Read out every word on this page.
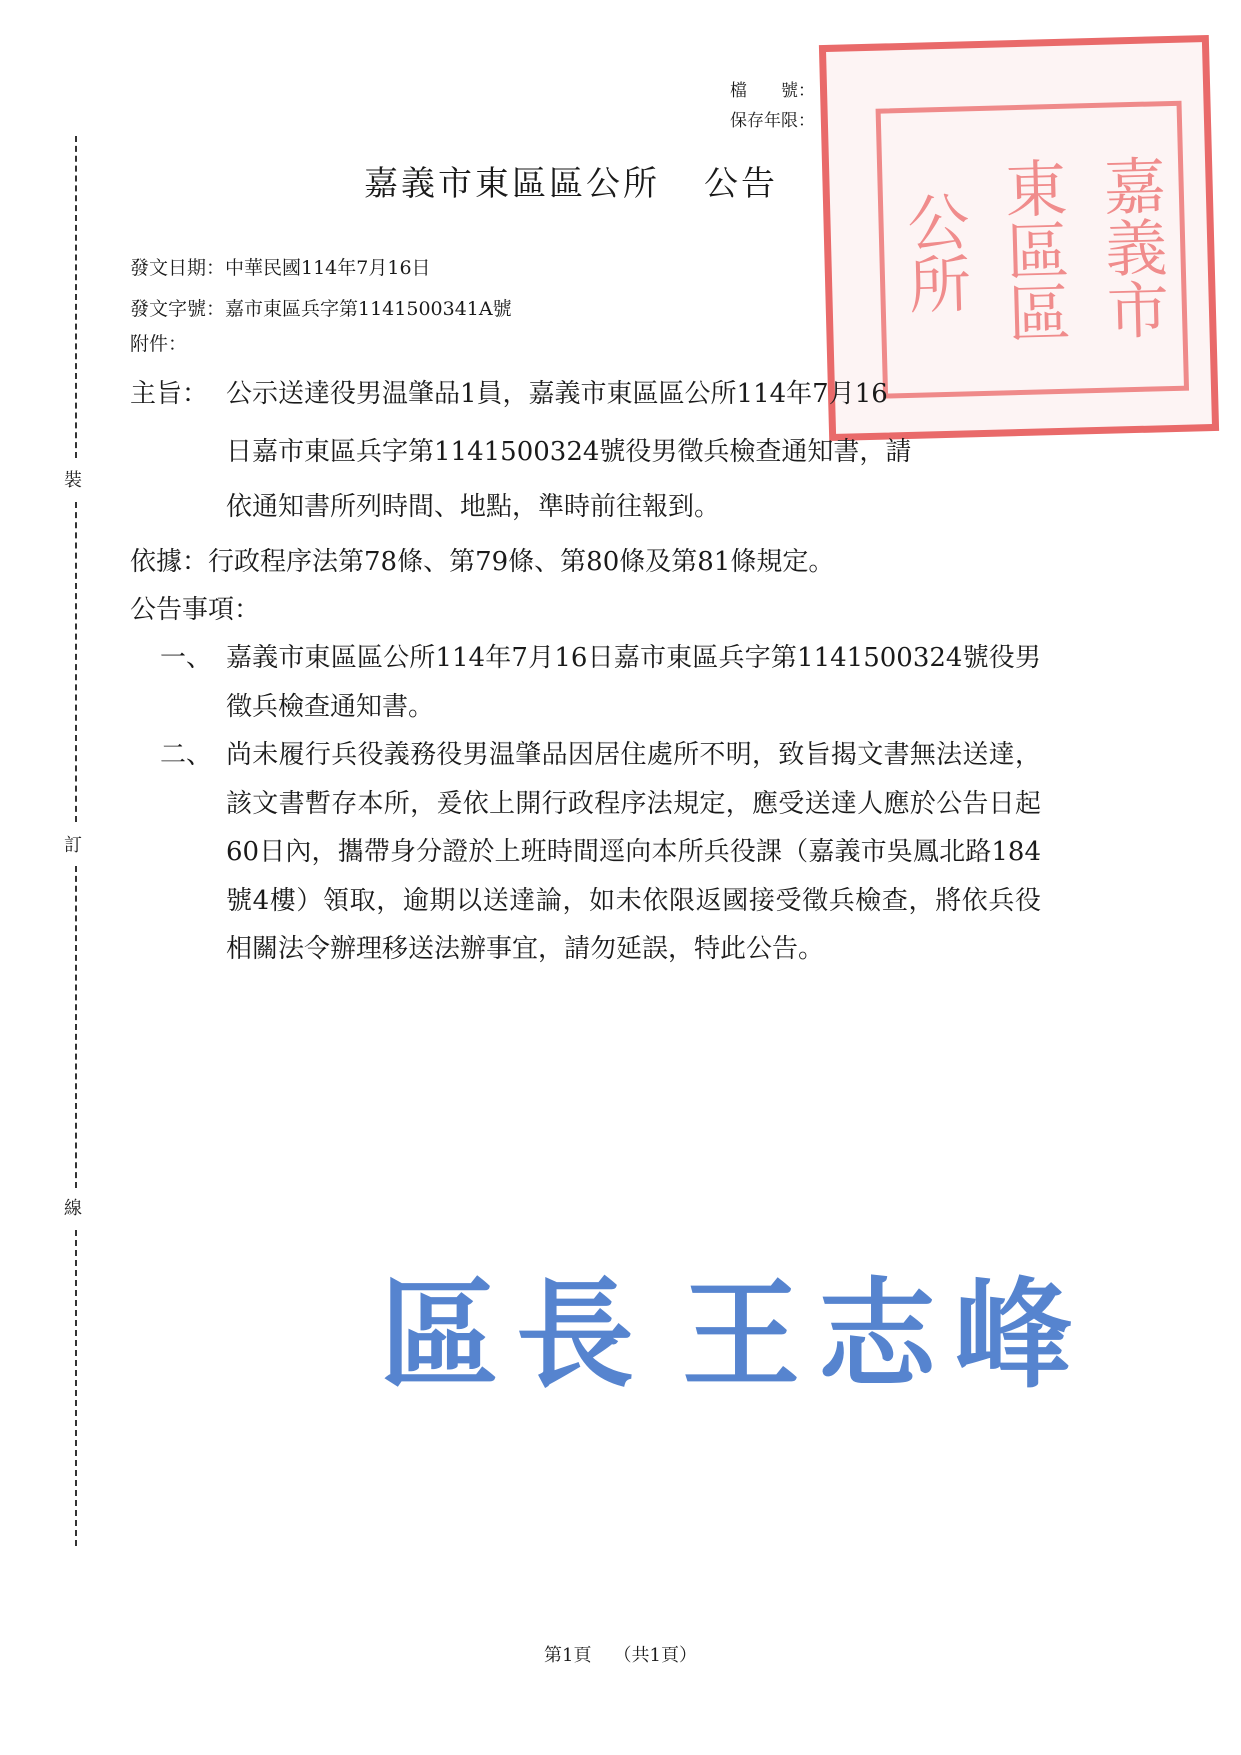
裝
訂
線
檔　　號：
保存年限：
嘉義市
東區區
公所
嘉義市東區區公所 公告
發文日期：中華民國114年7月16日
發文字號：嘉市東區兵字第1141500341A號
附件：
主旨： 公示送達役男温肇品1員，嘉義市東區區公所114年7月16
日嘉市東區兵字第1141500324號役男徵兵檢查通知書，請
依通知書所列時間、地點，準時前往報到。
依據：行政程序法第78條、第79條、第80條及第81條規定。
公告事項：
一、 嘉義市東區區公所114年7月16日嘉市東區兵字第1141500324號役男徵兵檢查通知書。
二、 尚未履行兵役義務役男温肇品因居住處所不明，致旨揭文書無法送達，該文書暫存本所，爰依上開行政程序法規定，應受送達人應於公告日起60日內，攜帶身分證於上班時間逕向本所兵役課（嘉義市吳鳳北路184號4樓）領取，逾期以送達論，如未依限返國接受徵兵檢查，將依兵役相關法令辦理移送法辦事宜，請勿延誤，特此公告。
區長 王志峰
第1頁 （共1頁）
